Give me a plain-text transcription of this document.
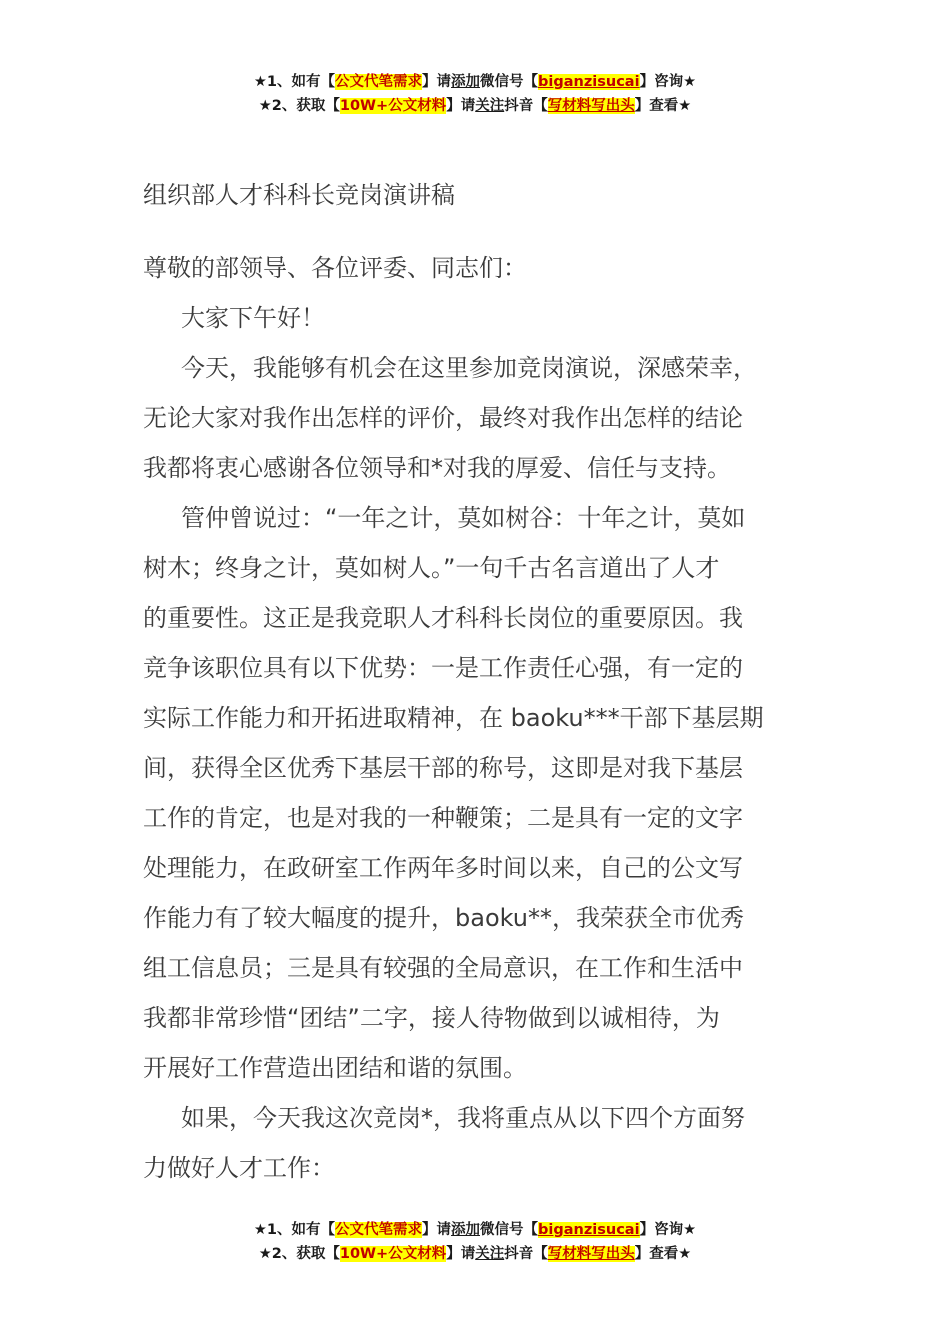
★1、如有【公文代笔需求】请添加微信号【biganzisucai】咨询★
★2、获取【10W+公文材料】请关注抖音【写材料写出头】查看★
组织部人才科科长竞岗演讲稿
尊敬的部领导、各位评委、同志们：

大家下午好！

今天，我能够有机会在这里参加竞岗演说，深感荣幸，
无论大家对我作出怎样的评价，最终对我作出怎样的结论
我都将衷心感谢各位领导和*对我的厚爱、信任与支持。

管仲曾说过：“一年之计，莫如树谷：十年之计，莫如
树木；终身之计，莫如树人。”一句千古名言道出了人才
的重要性。这正是我竞职人才科科长岗位的重要原因。我
竞争该职位具有以下优势：一是工作责任心强，有一定的
实际工作能力和开拓进取精神，在 baoku***干部下基层期
间，获得全区优秀下基层干部的称号，这即是对我下基层
工作的肯定，也是对我的一种鞭策；二是具有一定的文字
处理能力，在政研室工作两年多时间以来，自己的公文写
作能力有了较大幅度的提升，baoku**，我荣获全市优秀
组工信息员；三是具有较强的全局意识，在工作和生活中
我都非常珍惜“团结”二字，接人待物做到以诚相待，为
开展好工作营造出团结和谐的氛围。

如果，今天我这次竞岗*，我将重点从以下四个方面努
力做好人才工作：

★1、如有【公文代笔需求】请添加微信号【biganzisucai】咨询★
★2、获取【10W+公文材料】请关注抖音【写材料写出头】查看★
